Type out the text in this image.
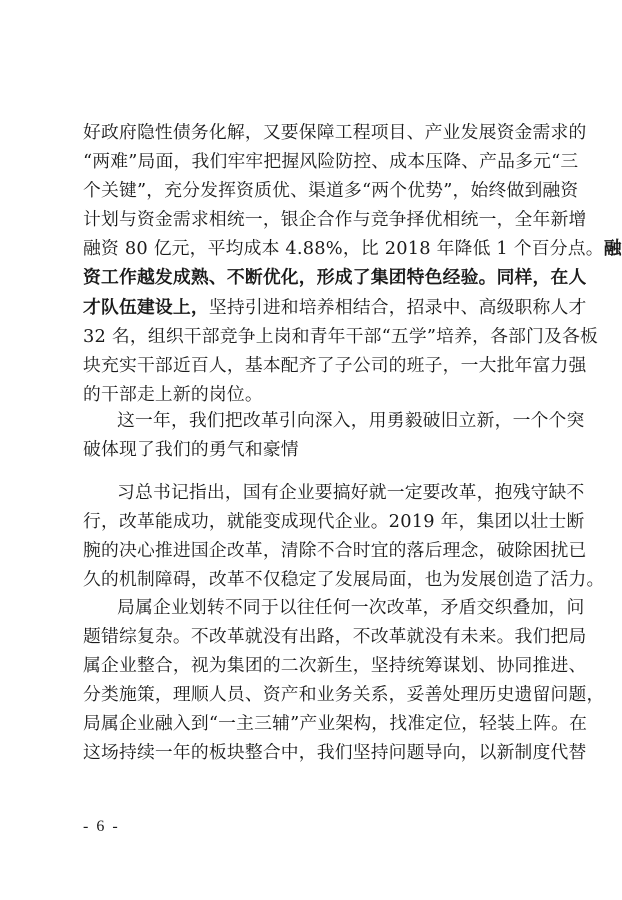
好政府隐性债务化解，又要保障工程项目、产业发展资金需求的
“两难”局面，我们牢牢把握风险防控、成本压降、产品多元“三
个关键”，充分发挥资质优、渠道多“两个优势”，始终做到融资
计划与资金需求相统一，银企合作与竞争择优相统一，全年新增
融资 80 亿元，平均成本 4.88%，比 2018 年降低 1 个百分点。融
资工作越发成熟、不断优化，形成了集团特色经验。同样，在人
才队伍建设上，坚持引进和培养相结合，招录中、高级职称人才
32 名，组织干部竞争上岗和青年干部“五学”培养，各部门及各板
块充实干部近百人，基本配齐了子公司的班子，一大批年富力强
的干部走上新的岗位。
这一年，我们把改革引向深入，用勇毅破旧立新，一个个突
破体现了我们的勇气和豪情
习总书记指出，国有企业要搞好就一定要改革，抱残守缺不
行，改革能成功，就能变成现代企业。2019 年，集团以壮士断
腕的决心推进国企改革，清除不合时宜的落后理念，破除困扰已
久的机制障碍，改革不仅稳定了发展局面，也为发展创造了活力。
局属企业划转不同于以往任何一次改革，矛盾交织叠加，问
题错综复杂。不改革就没有出路，不改革就没有未来。我们把局
属企业整合，视为集团的二次新生，坚持统筹谋划、协同推进、
分类施策，理顺人员、资产和业务关系，妥善处理历史遗留问题，
局属企业融入到“一主三辅”产业架构，找准定位，轻装上阵。在
这场持续一年的板块整合中，我们坚持问题导向，以新制度代替
- 6 -
